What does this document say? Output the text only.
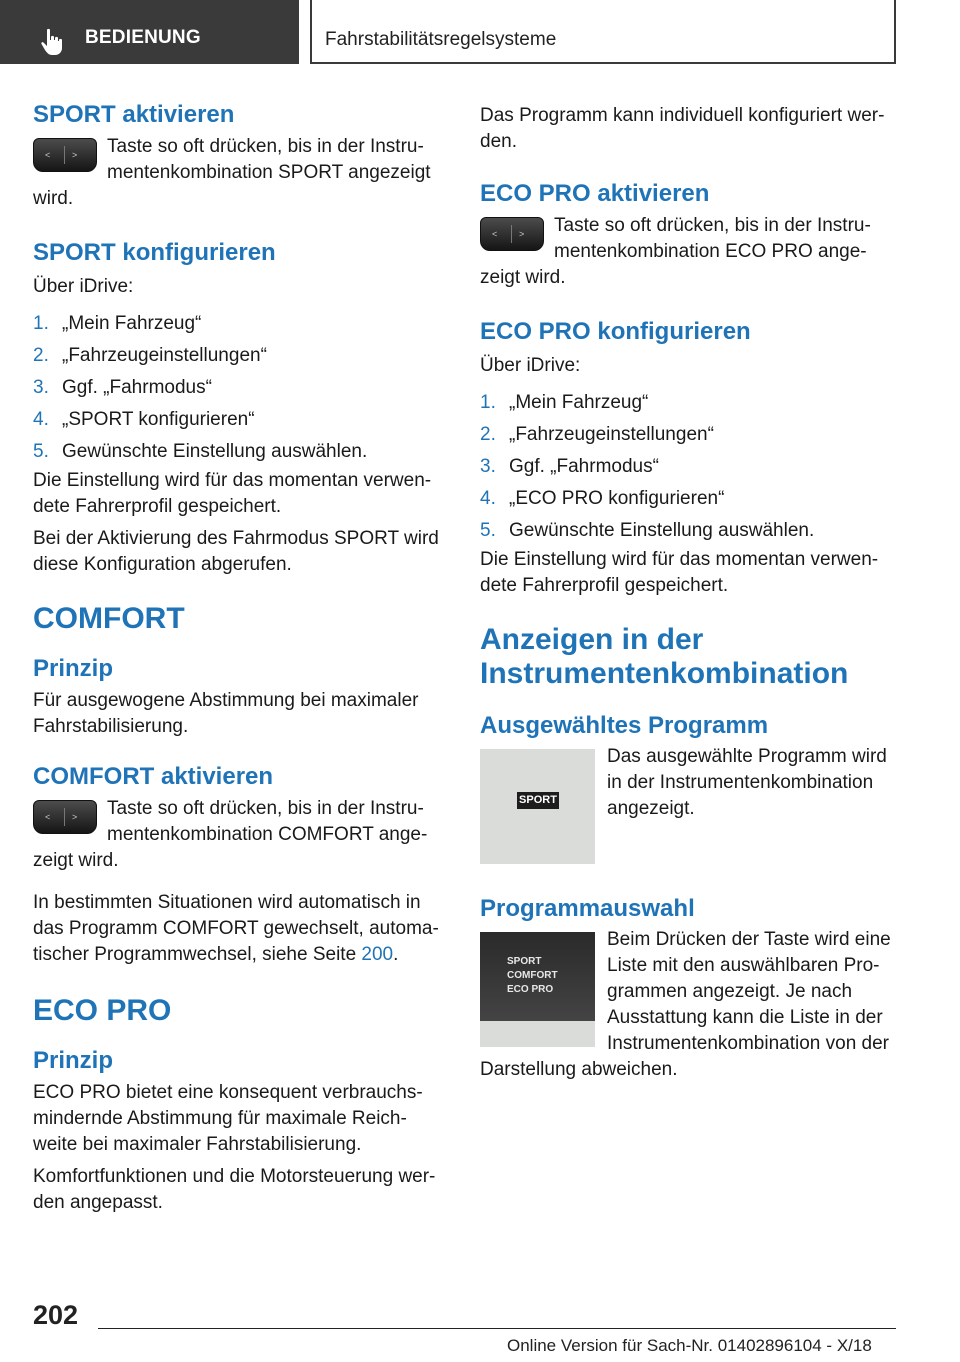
BEDIENUNG	Fahrstabilitätsregelsysteme
SPORT aktivieren
< >	Taste so oft drücken, bis in der Instru‐mentenkombination SPORT angezeigt wird.

SPORT konfigurieren

Über iDrive:

1. „Mein Fahrzeug“
2. „Fahrzeugeinstellungen“
3. Ggf. „Fahrmodus“
4. „SPORT konfigurieren“
5. Gewünschte Einstellung auswählen.

Die Einstellung wird für das momentan verwen‐dete Fahrerprofil gespeichert.

Bei der Aktivierung des Fahrmodus SPORT wird diese Konfiguration abgerufen.

COMFORT
Prinzip

Für ausgewogene Abstimmung bei maximaler Fahrstabilisierung.

COMFORT aktivieren
< >	Taste so oft drücken, bis in der Instru‐mentenkombination COMFORT ange‐zeigt wird.

In bestimmten Situationen wird automatisch in das Programm COMFORT gewechselt, automa‐tischer Programmwechsel, siehe Seite 200.

ECO PRO
Prinzip

ECO PRO bietet eine konsequent verbrauchs‐mindernde Abstimmung für maximale Reich‐weite bei maximaler Fahrstabilisierung.

Komfortfunktionen und die Motorsteuerung wer‐den angepasst.

Das Programm kann individuell konfiguriert wer‐den.

ECO PRO aktivieren
< >	Taste so oft drücken, bis in der Instru‐mentenkombination ECO PRO ange‐zeigt wird.

ECO PRO konfigurieren

Über iDrive:

1. „Mein Fahrzeug“
2. „Fahrzeugeinstellungen“
3. Ggf. „Fahrmodus“
4. „ECO PRO konfigurieren“
5. Gewünschte Einstellung auswählen.

Die Einstellung wird für das momentan verwen‐dete Fahrerprofil gespeichert.

Anzeigen in der Instrumentenkombination
Ausgewähltes Programm
SPORT

Das ausgewählte Programm wird in der Instrumentenkombination angezeigt.

Programmauswahl
SPORT
COMFORT
ECO PRO

Beim Drücken der Taste wird eine Liste mit den auswählbaren Pro‐grammen angezeigt. Je nach Ausstattung kann die Liste in der Instrumentenkombination von der Darstellung abweichen.

202
Online Version für Sach-Nr. 01402896104 - X/18
